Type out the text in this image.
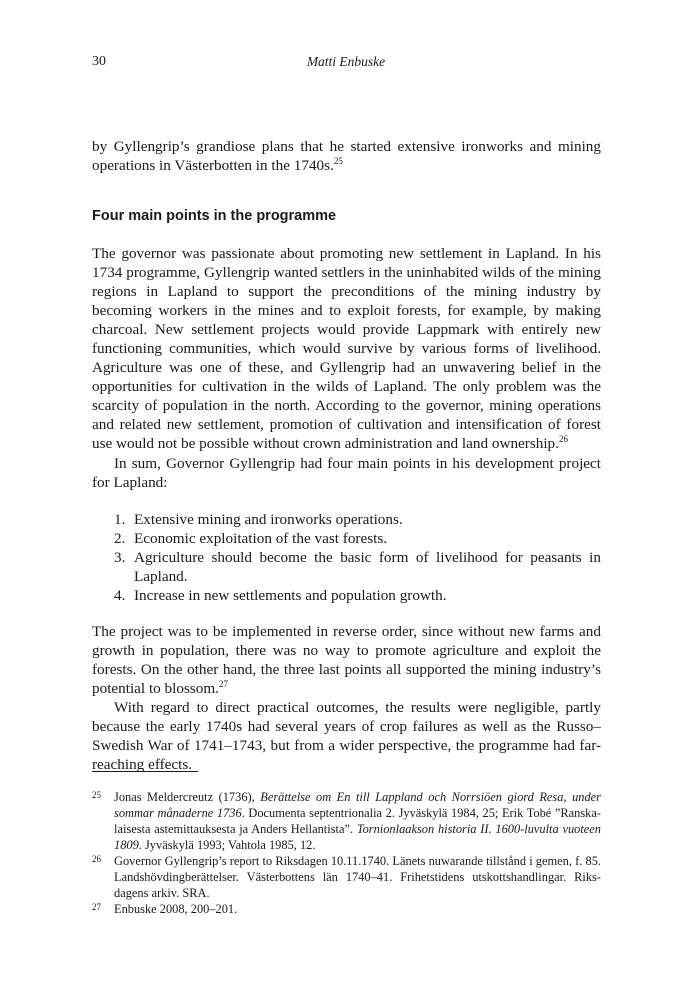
30	Matti Enbuske

by Gyllengrip’s grandiose plans that he started extensive ironworks and mining operations in Västerbotten in the 1740s.$^{25}$

Four main points in the programme

The governor was passionate about promoting new settlement in Lapland. In his 1734 programme, Gyllengrip wanted settlers in the uninhabited wilds of the mining regions in Lapland to support the preconditions of the mining industry by becoming workers in the mines and to exploit forests, for example, by making charcoal. New settlement projects would provide Lappmark with entirely new functioning communities, which would survive by various forms of livelihood. Agriculture was one of these, and Gyllengrip had an unwavering belief in the opportunities for cultivation in the wilds of Lapland. The only problem was the scarcity of population in the north. According to the governor, mining operations and related new settlement, promotion of cultivation and intensification of forest use would not be possible without crown administration and land ownership.$^{26}$

In sum, Governor Gyllengrip had four main points in his development project for Lapland:

1. Extensive mining and ironworks operations.
2. Economic exploitation of the vast forests.
3. Agriculture should become the basic form of livelihood for peasants in Lapland.
4. Increase in new settlements and population growth.

The project was to be implemented in reverse order, since without new farms and growth in population, there was no way to promote agriculture and exploit the forests. On the other hand, the three last points all supported the mining industry’s potential to blossom.$^{27}$

With regard to direct practical outcomes, the results were negligible, partly because the early 1740s had several years of crop failures as well as the Russo–Swedish War of 1741–1743, but from a wider perspective, the programme had far-reaching effects.

25	Jonas Meldercreutz (1736), Berättelse om En till Lappland och Norrsiöen giord Resa, under sommar månaderne 1736. Documenta septentrionalia 2. Jyväskylä 1984, 25; Erik Tobé ”Ranska-laisesta astemittauksesta ja Anders Hellantista”. Tornionlaakson historia II. 1600-luvulta vuoteen 1809. Jyväskylä 1993; Vahtola 1985, 12.
26	Governor Gyllengrip’s report to Riksdagen 10.11.1740. Länets nuwarande tillstånd i gemen, f. 85. Landshövdingberättelser. Västerbottens län 1740–41. Frihetstidens utskottshandlingar. Riks-dagens arkiv. SRA.
27	Enbuske 2008, 200–201.
